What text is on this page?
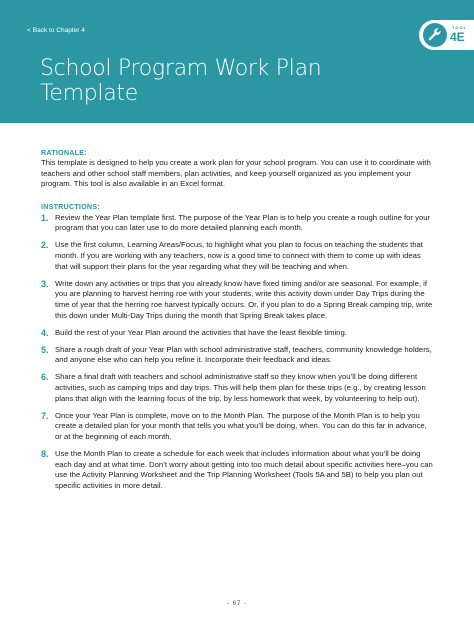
< Back to Chapter 4
School Program Work Plan Template
TOOL
4E
RATIONALE:
This template is designed to help you create a work plan for your school program. You can use it to coordinate with teachers and other school staff members, plan activities, and keep yourself organized as you implement your program. This tool is also available in an Excel format.
INSTRUCTIONS:
1. Review the Year Plan template first. The purpose of the Year Plan is to help you create a rough outline for your program that you can later use to do more detailed planning each month.
2. Use the first column, Learning Areas/Focus, to highlight what you plan to focus on teaching the students that month. If you are working with any teachers, now is a good time to connect with them to come up with ideas that will support their plans for the year regarding what they will be teaching and when.
3. Write down any activities or trips that you already know have fixed timing and/or are seasonal. For example, if you are planning to harvest herring roe with your students, write this activity down under Day Trips during the time of year that the herring roe harvest typically occurs. Or, if you plan to do a Spring Break camping trip, write this down under Multi-Day Trips during the month that Spring Break takes place.
4. Build the rest of your Year Plan around the activities that have the least flexible timing.
5. Share a rough draft of your Year Plan with school administrative staff, teachers, community knowledge holders, and anyone else who can help you refine it. Incorporate their feedback and ideas.
6. Share a final draft with teachers and school administrative staff so they know when you’ll be doing different activities, such as camping trips and day trips. This will help them plan for these trips (e.g., by creating lesson plans that align with the learning focus of the trip, by less homework that week, by volunteering to help out).
7. Once your Year Plan is complete, move on to the Month Plan. The purpose of the Month Plan is to help you create a detailed plan for your month that tells you what you’ll be doing, when. You can do this far in advance, or at the beginning of each month.
8. Use the Month Plan to create a schedule for each week that includes information about what you’ll be doing each day and at what time. Don’t worry about getting into too much detail about specific activities here–you can use the Activity Planning Worksheet and the Trip Planning Worksheet (Tools 5A and 5B) to help you plan out specific activities in more detail.
- 67 -
